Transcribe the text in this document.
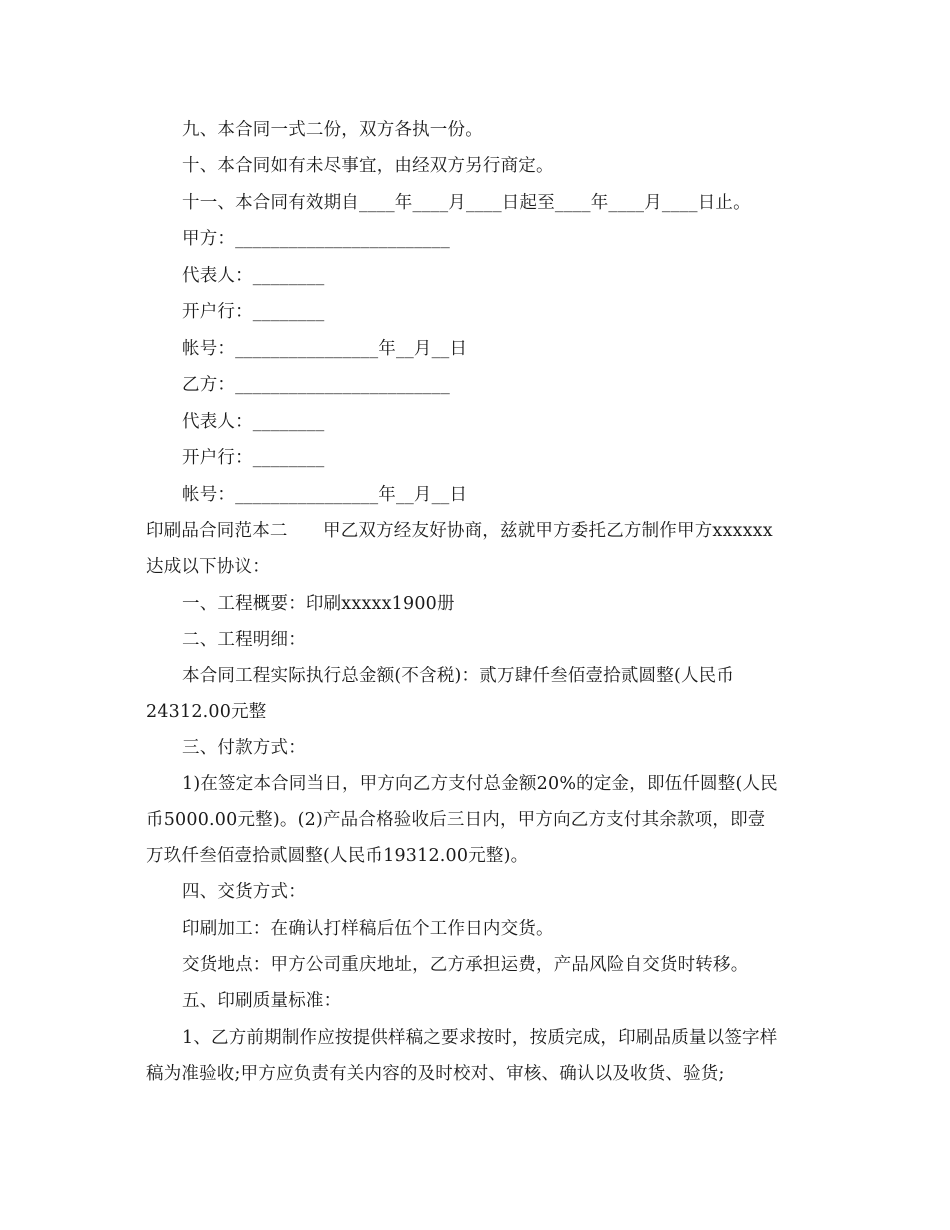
九、本合同一式二份，双方各执一份。
十、本合同如有未尽事宜，由经双方另行商定。
十一、本合同有效期自____年____月____日起至____年____月____日止。
甲方：________________________
代表人：________
开户行：________
帐号：________________年__月__日
乙方：________________________
代表人：________
开户行：________
帐号：________________年__月__日
印刷品合同范本二　　甲乙双方经友好协商，兹就甲方委托乙方制作甲方xxxxxx
达成以下协议：
一、工程概要：印刷xxxxx1900册
二、工程明细：
本合同工程实际执行总金额(不含税)：贰万肆仟叁佰壹拾贰圆整(人民币
24312.00元整
三、付款方式：
1)在签定本合同当日，甲方向乙方支付总金额20%的定金，即伍仟圆整(人民
币5000.00元整)。(2)产品合格验收后三日内，甲方向乙方支付其余款项，即壹
万玖仟叁佰壹拾贰圆整(人民币19312.00元整)。
四、交货方式：
印刷加工：在确认打样稿后伍个工作日内交货。
交货地点：甲方公司重庆地址，乙方承担运费，产品风险自交货时转移。
五、印刷质量标准：
1、乙方前期制作应按提供样稿之要求按时，按质完成，印刷品质量以签字样
稿为准验收;甲方应负责有关内容的及时校对、审核、确认以及收货、验货;
